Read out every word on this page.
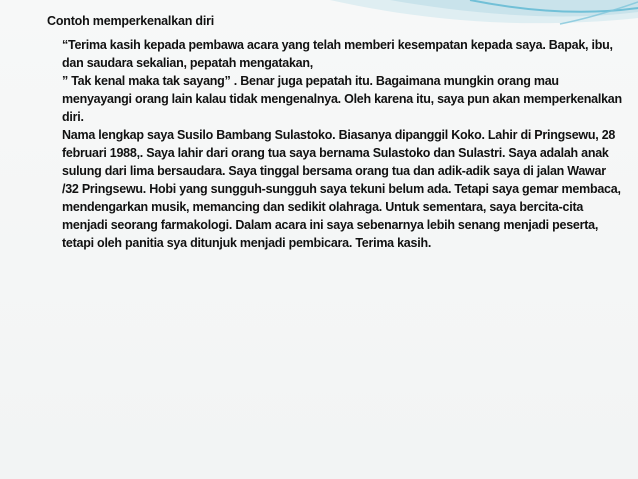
Contoh memperkenalkan diri
“Terima kasih kepada pembawa acara yang telah memberi kesempatan kepada saya. Bapak, ibu, dan saudara sekalian, pepatah mengatakan,
” Tak kenal maka tak sayang” . Benar juga pepatah itu. Bagaimana mungkin orang mau menyayangi orang lain kalau tidak mengenalnya. Oleh karena itu, saya pun akan memperkenalkan diri.
Nama lengkap saya Susilo Bambang Sulastoko. Biasanya dipanggil Koko. Lahir di Pringsewu, 28 februari 1988,. Saya lahir dari orang tua saya bernama Sulastoko dan Sulastri. Saya adalah anak sulung dari lima bersaudara. Saya tinggal bersama orang tua dan adik-adik saya di jalan Wawar /32 Pringsewu. Hobi yang sungguh-sungguh saya tekuni belum ada. Tetapi saya gemar membaca, mendengarkan musik, memancing dan sedikit olahraga. Untuk sementara, saya bercita-cita menjadi seorang farmakologi. Dalam acara ini saya sebenarnya lebih senang menjadi peserta, tetapi oleh panitia sya ditunjuk menjadi pembicara. Terima kasih.
